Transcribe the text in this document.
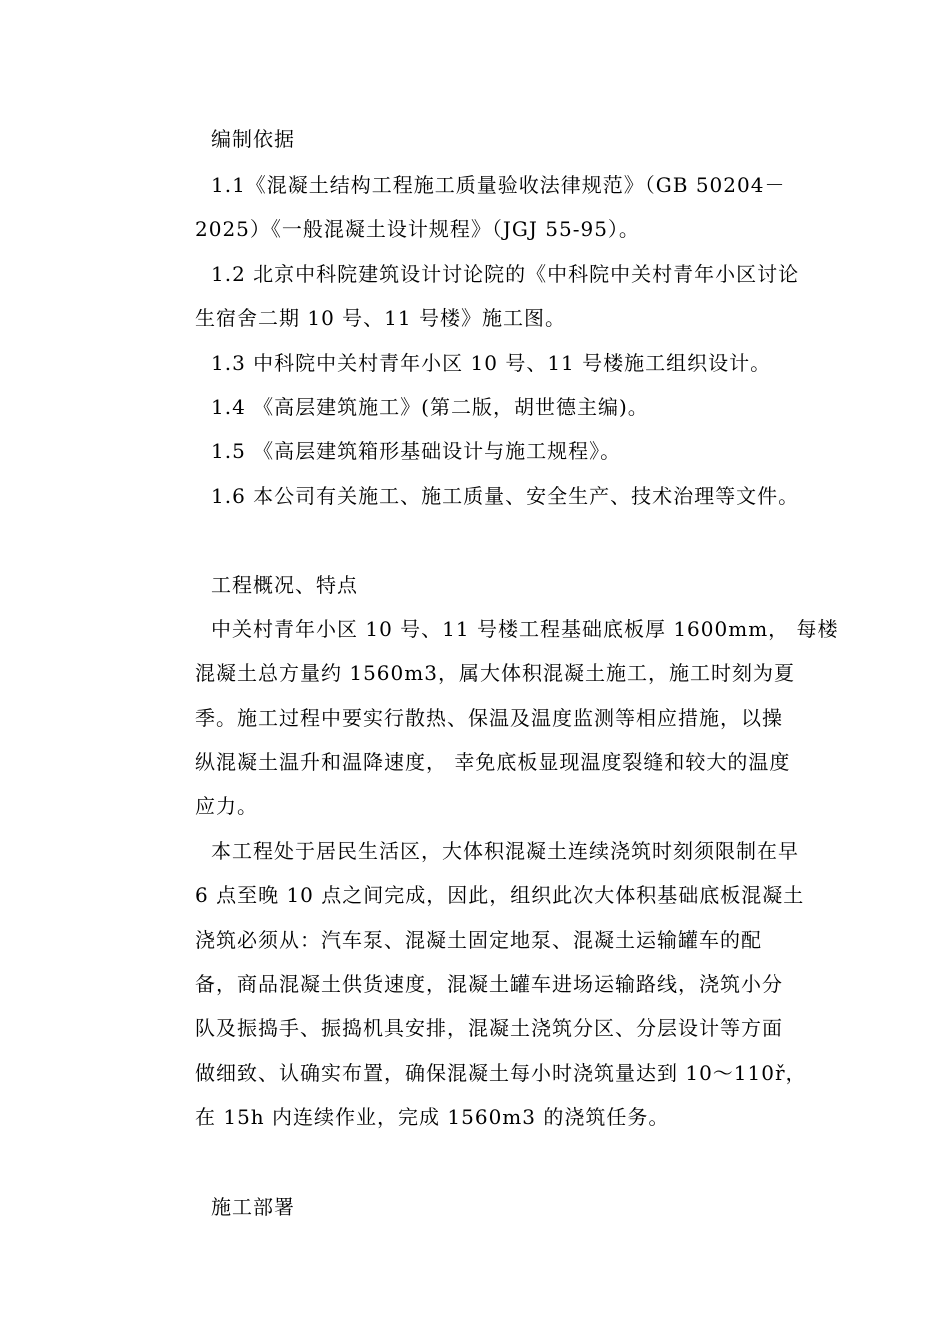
编制依据
1.1《混凝土结构工程施工质量验收法律规范》（GB 50204－
2025）《一般混凝土设计规程》（JGJ 55-95）。
1.2 北京中科院建筑设计讨论院的《中科院中关村青年小区讨论
生宿舍二期 10 号、11 号楼》施工图。
1.3 中科院中关村青年小区 10 号、11 号楼施工组织设计。
1.4 《高层建筑施工》(第二版，胡世德主编)。
1.5 《高层建筑箱形基础设计与施工规程》。
1.6 本公司有关施工、施工质量、安全生产、技术治理等文件。
工程概况、特点
中关村青年小区 10 号、11 号楼工程基础底板厚 1600mm， 每楼
混凝土总方量约 1560m3，属大体积混凝土施工，施工时刻为夏
季。施工过程中要实行散热、保温及温度监测等相应措施，以操
纵混凝土温升和温降速度， 幸免底板显现温度裂缝和较大的温度
应力。
本工程处于居民生活区，大体积混凝土连续浇筑时刻须限制在早
6 点至晚 10 点之间完成，因此，组织此次大体积基础底板混凝土
浇筑必须从：汽车泵、混凝土固定地泵、混凝土运输罐车的配
备，商品混凝土供货速度，混凝土罐车进场运输路线，浇筑小分
队及振捣手、振捣机具安排，混凝土浇筑分区、分层设计等方面
做细致、认确实布置，确保混凝土每小时浇筑量达到 10～110ř，
在 15h 内连续作业，完成 1560m3 的浇筑任务。
施工部署
